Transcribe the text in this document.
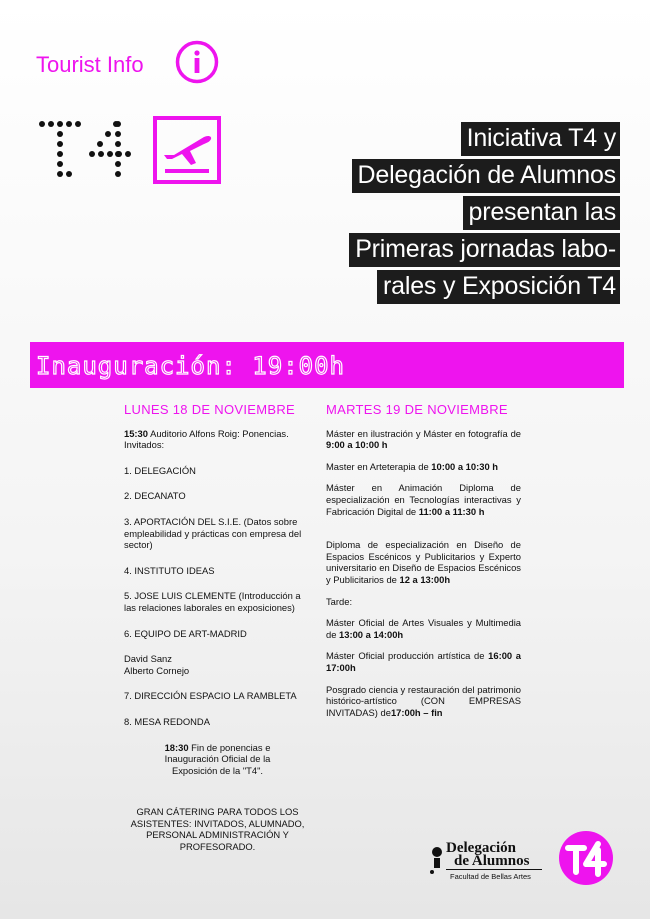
Tourist Info
Iniciativa T4 y
Delegación de Alumnos
presentan las
Primeras jornadas labo-
rales y Exposición T4
Inauguración: 19:00h
LUNES 18 DE NOVIEMBRE

15:30 Auditorio Alfons Roig: Ponencias. Invitados:

1. DELEGACIÓN

2. DECANATO

3. APORTACIÓN DEL S.I.E. (Datos sobre empleabilidad y prácticas con empresa del sector)

4. INSTITUTO IDEAS

5. JOSE LUIS CLEMENTE (Introducción a las relaciones laborales en exposiciones)

6. EQUIPO DE ART-MADRID

David Sanz

Alberto Cornejo

7. DIRECCIÓN ESPACIO LA RAMBLETA

8. MESA REDONDA

18:30 Fin de ponencias e Inauguración Oficial de la Exposición de la "T4".

GRAN CÁTERING PARA TODOS LOS ASISTENTES: INVITADOS, ALUMNADO, PERSONAL ADMINISTRACIÓN Y PROFESORADO.

MARTES 19 DE NOVIEMBRE

Máster en ilustración y Máster en fotografía de 9:00 a 10:00 h

Master en Arteterapia de 10:00 a 10:30 h

Máster en Animación Diploma de especialización en Tecnologías interactivas y Fabricación Digital de 11:00 a 11:30 h

Diploma de especialización en Diseño de Espacios Escénicos y Publicitarios y Experto universitario en Diseño de Espacios Escénicos y Publicitarios de 12 a 13:00h

Tarde:

Máster Oficial de Artes Visuales y Multimedia de 13:00 a 14:00h

Máster Oficial producción artística de 16:00 a 17:00h

Posgrado ciencia y restauración del patrimonio histórico-artístico (CON EMPRESAS INVITADAS) de17:00h – fin

Delegación
de Alumnos
Facultad de Bellas Artes
